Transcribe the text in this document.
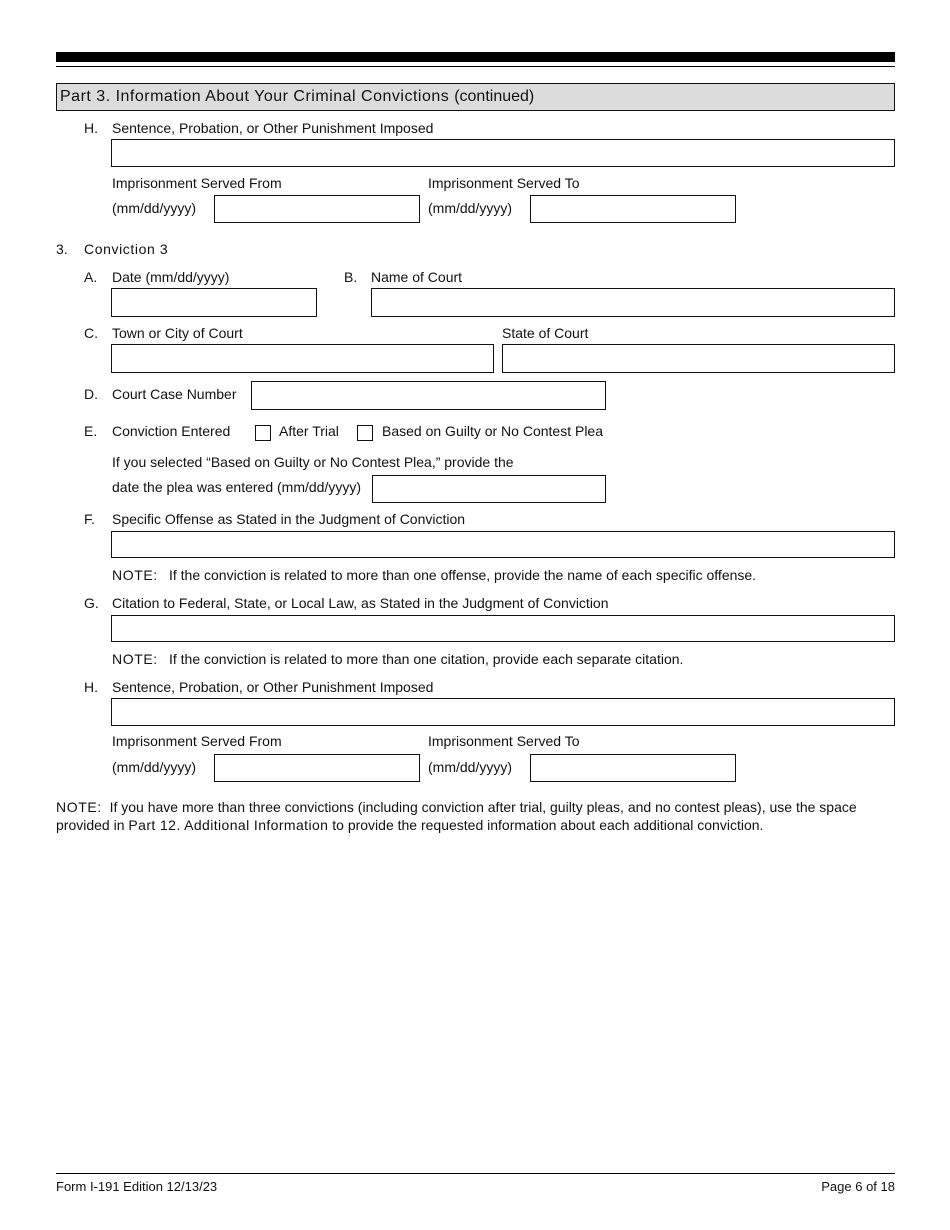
Part 3. Information About Your Criminal Convictions (continued)
H. Sentence, Probation, or Other Punishment Imposed
Imprisonment Served From
(mm/dd/yyyy)
Imprisonment Served To
(mm/dd/yyyy)
3. Conviction 3
A. Date (mm/dd/yyyy)	B. Name of Court
C. Town or City of Court	State of Court
D. Court Case Number
E. Conviction Entered	After Trial	Based on Guilty or No Contest Plea
If you selected “Based on Guilty or No Contest Plea,” provide the
date the plea was entered (mm/dd/yyyy)
F. Specific Offense as Stated in the Judgment of Conviction
NOTE: If the conviction is related to more than one offense, provide the name of each specific offense.
G. Citation to Federal, State, or Local Law, as Stated in the Judgment of Conviction
NOTE: If the conviction is related to more than one citation, provide each separate citation.
H. Sentence, Probation, or Other Punishment Imposed
Imprisonment Served From
(mm/dd/yyyy)
Imprisonment Served To
(mm/dd/yyyy)
NOTE: If you have more than three convictions (including conviction after trial, guilty pleas, and no contest pleas), use the space
provided in Part 12. Additional Information to provide the requested information about each additional conviction.
Form I-191 Edition 12/13/23	Page 6 of 18
